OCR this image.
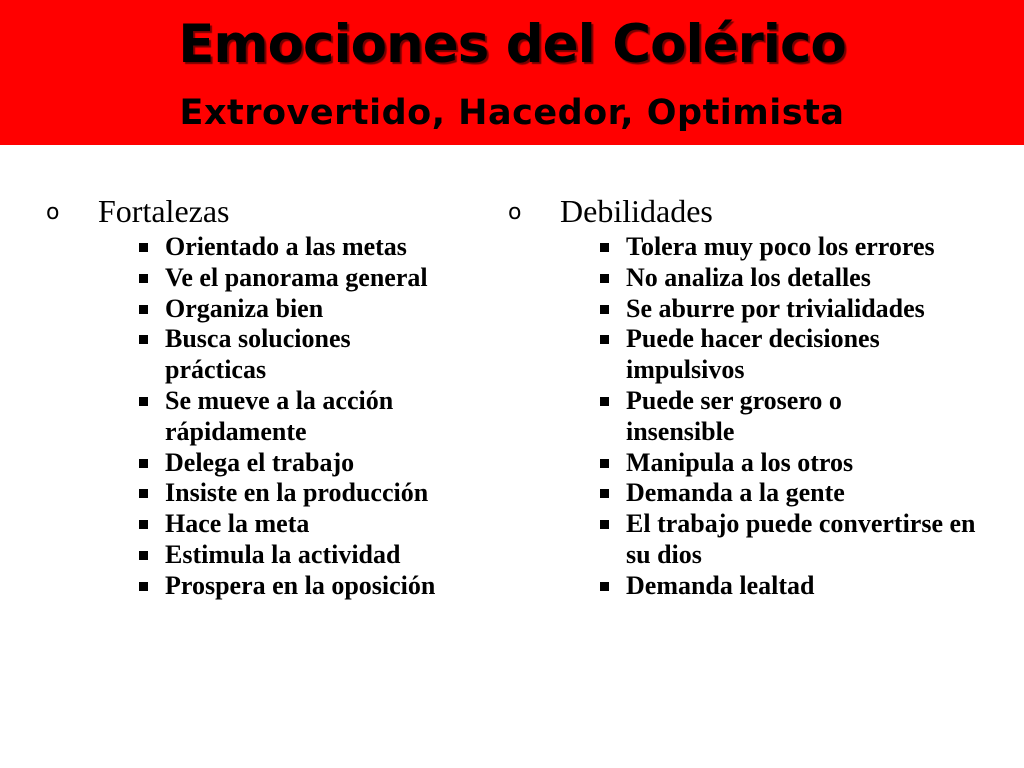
Emociones del Colérico
Extrovertido, Hacedor, Optimista
o Fortalezas
Orientado a las metas
Ve el panorama general
Organiza bien
Busca soluciones prácticas
Se mueve a la acción rápidamente
Delega el trabajo
Insiste en la producción
Hace la meta
Estimula la actividad
Prospera en la oposición
o Debilidades
Tolera muy poco los errores
No analiza los detalles
Se aburre por trivialidades
Puede hacer decisiones impulsivos
Puede ser grosero o insensible
Manipula a los otros
Demanda a la gente
El trabajo puede convertirse en su dios
Demanda lealtad
